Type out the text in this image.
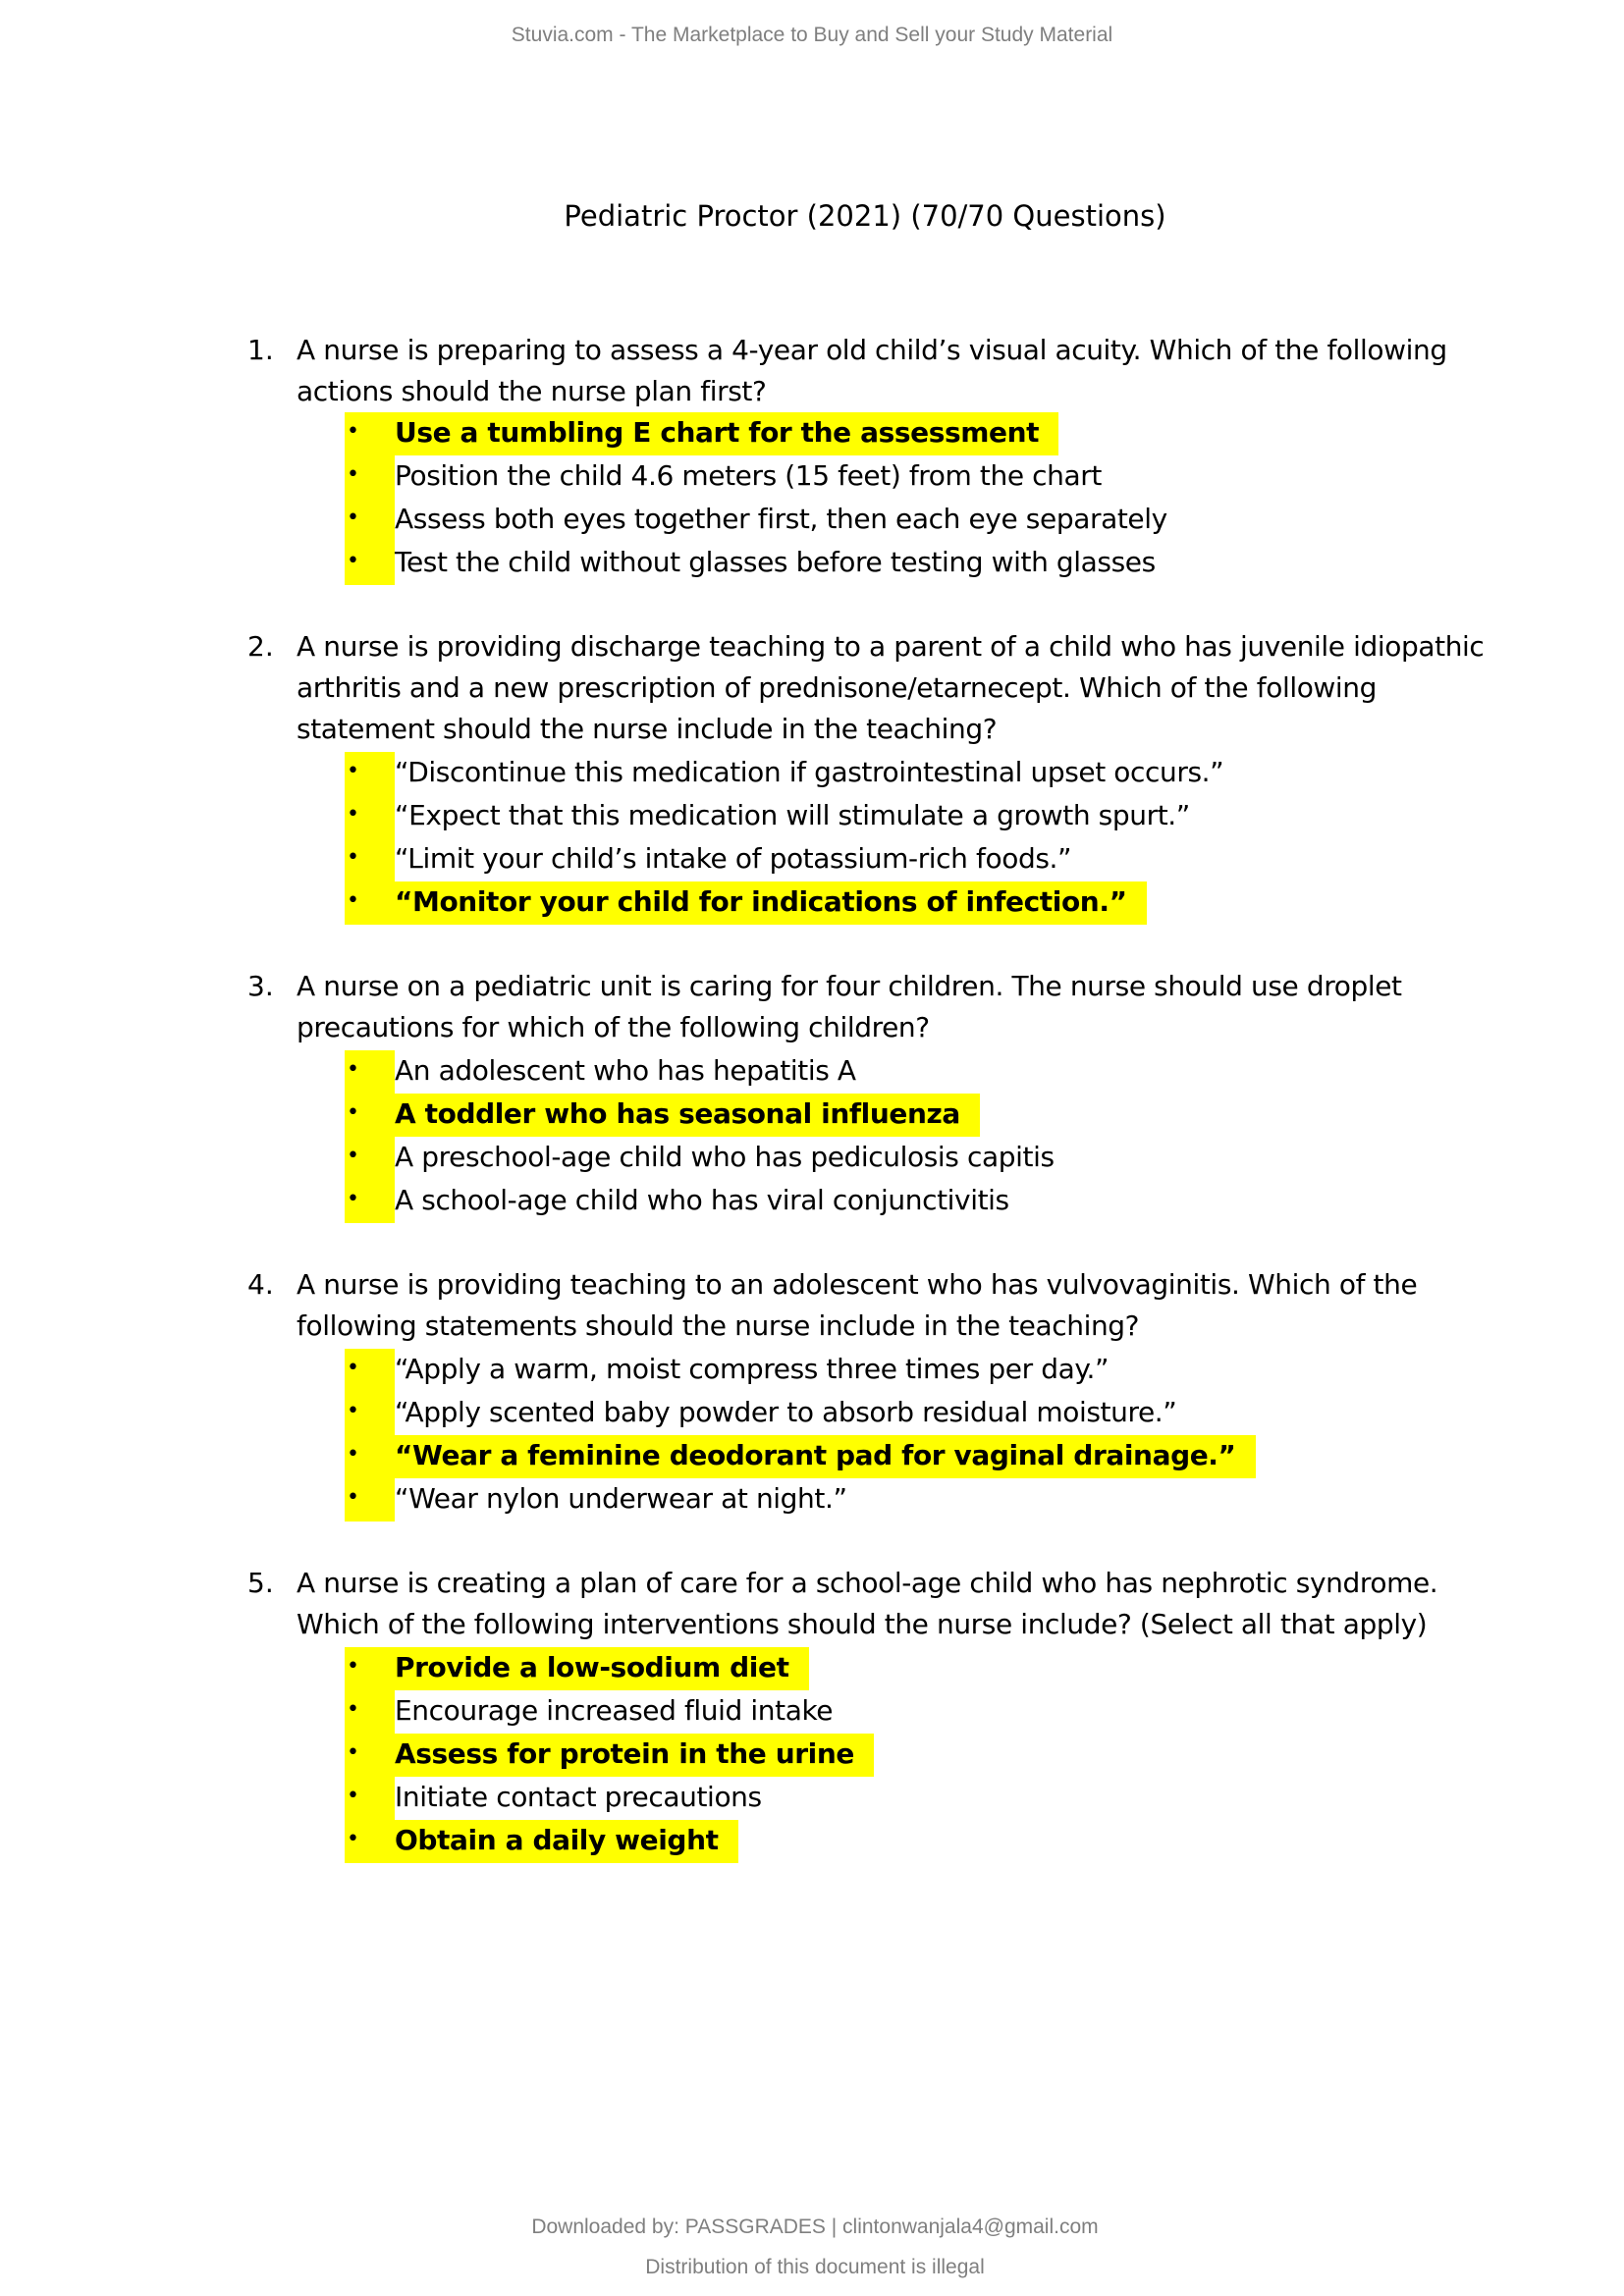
Stuvia.com - The Marketplace to Buy and Sell your Study Material
Pediatric Proctor (2021) (70/70 Questions)
1. A nurse is preparing to assess a 4-year old child’s visual acuity. Which of the following actions should the nurse plan first?
•	Use a tumbling E chart for the assessment
•	Position the child 4.6 meters (15 feet) from the chart
•	Assess both eyes together first, then each eye separately
•	Test the child without glasses before testing with glasses
2. A nurse is providing discharge teaching to a parent of a child who has juvenile idiopathic arthritis and a new prescription of prednisone/etarnecept. Which of the following statement should the nurse include in the teaching?
•	“Discontinue this medication if gastrointestinal upset occurs.”
•	“Expect that this medication will stimulate a growth spurt.”
•	“Limit your child’s intake of potassium-rich foods.”
•	“Monitor your child for indications of infection.”
3. A nurse on a pediatric unit is caring for four children. The nurse should use droplet precautions for which of the following children?
•	An adolescent who has hepatitis A
•	A toddler who has seasonal influenza
•	A preschool-age child who has pediculosis capitis
•	A school-age child who has viral conjunctivitis
4. A nurse is providing teaching to an adolescent who has vulvovaginitis. Which of the following statements should the nurse include in the teaching?
•	“Apply a warm, moist compress three times per day.”
•	“Apply scented baby powder to absorb residual moisture.”
•	“Wear a feminine deodorant pad for vaginal drainage.”
•	“Wear nylon underwear at night.”
5. A nurse is creating a plan of care for a school-age child who has nephrotic syndrome. Which of the following interventions should the nurse include? (Select all that apply)
•	Provide a low-sodium diet
•	Encourage increased fluid intake
•	Assess for protein in the urine
•	Initiate contact precautions
•	Obtain a daily weight
Downloaded by: PASSGRADES | clintonwanjala4@gmail.com
Distribution of this document is illegal
